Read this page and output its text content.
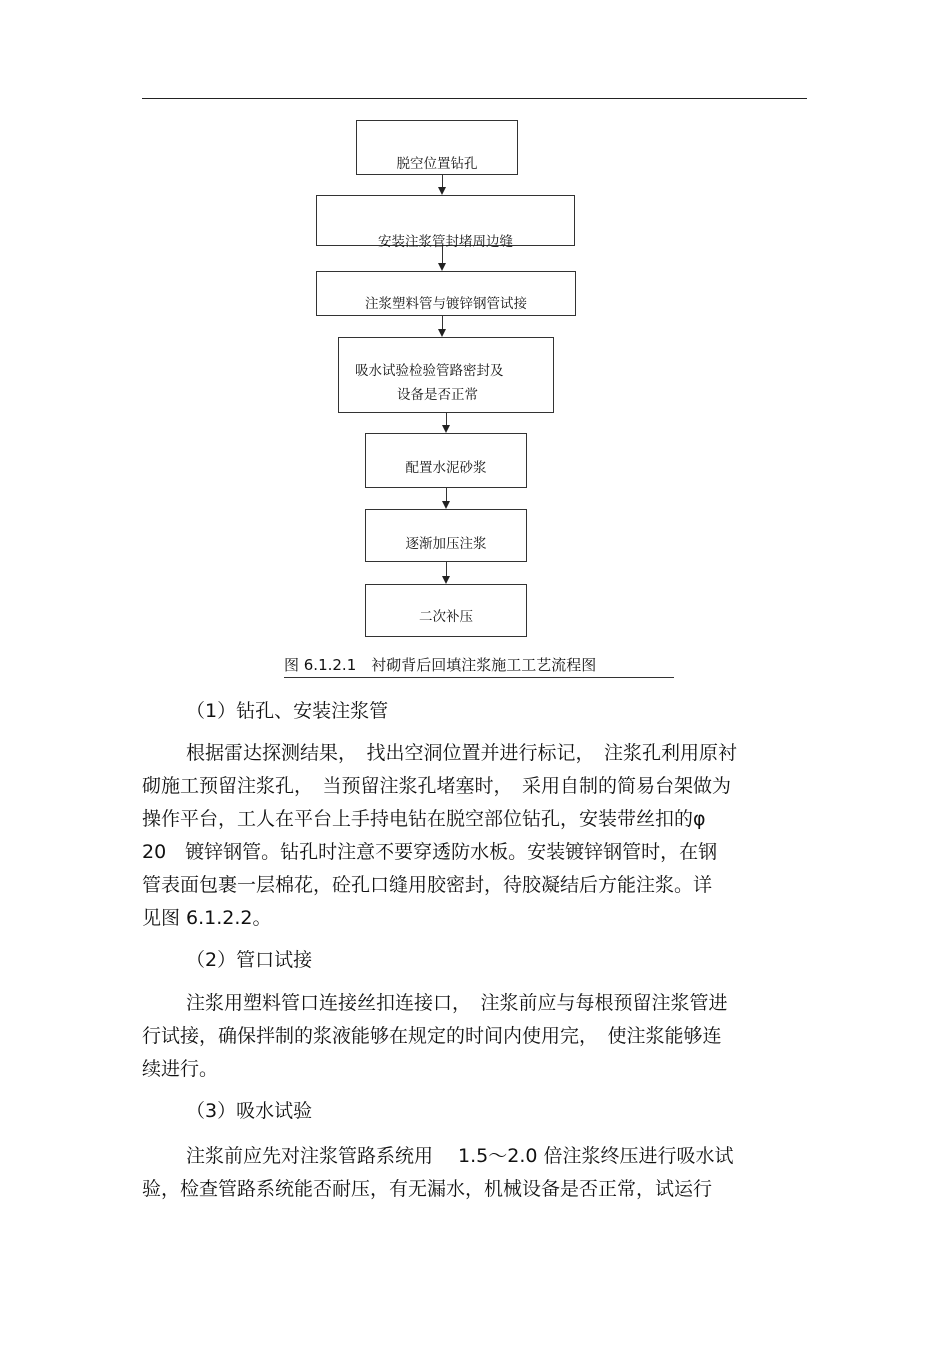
脱空位置钻孔
安装注浆管封堵周边缝
注浆塑料管与镀锌钢管试接
吸水试验检验管路密封及
设备是否正常
配置水泥砂浆
逐渐加压注浆
二次补压
图 6.1.2.1　衬砌背后回填注浆施工工艺流程图
（1）钻孔、安装注浆管
根据雷达探测结果，　找出空洞位置并进行标记，　注浆孔利用原衬
砌施工预留注浆孔，　当预留注浆孔堵塞时，　采用自制的简易台架做为
操作平台，工人在平台上手持电钻在脱空部位钻孔，安装带丝扣的φ
20　镀锌钢管。钻孔时注意不要穿透防水板。安装镀锌钢管时，在钢
管表面包裹一层棉花，砼孔口缝用胶密封，待胶凝结后方能注浆。详
见图 6.1.2.2。
（2）管口试接
注浆用塑料管口连接丝扣连接口，　注浆前应与每根预留注浆管进
行试接，确保拌制的浆液能够在规定的时间内使用完，　使注浆能够连
续进行。
（3）吸水试验
注浆前应先对注浆管路系统用　 1.5～2.0 倍注浆终压进行吸水试
验，检查管路系统能否耐压，有无漏水，机械设备是否正常，试运行
